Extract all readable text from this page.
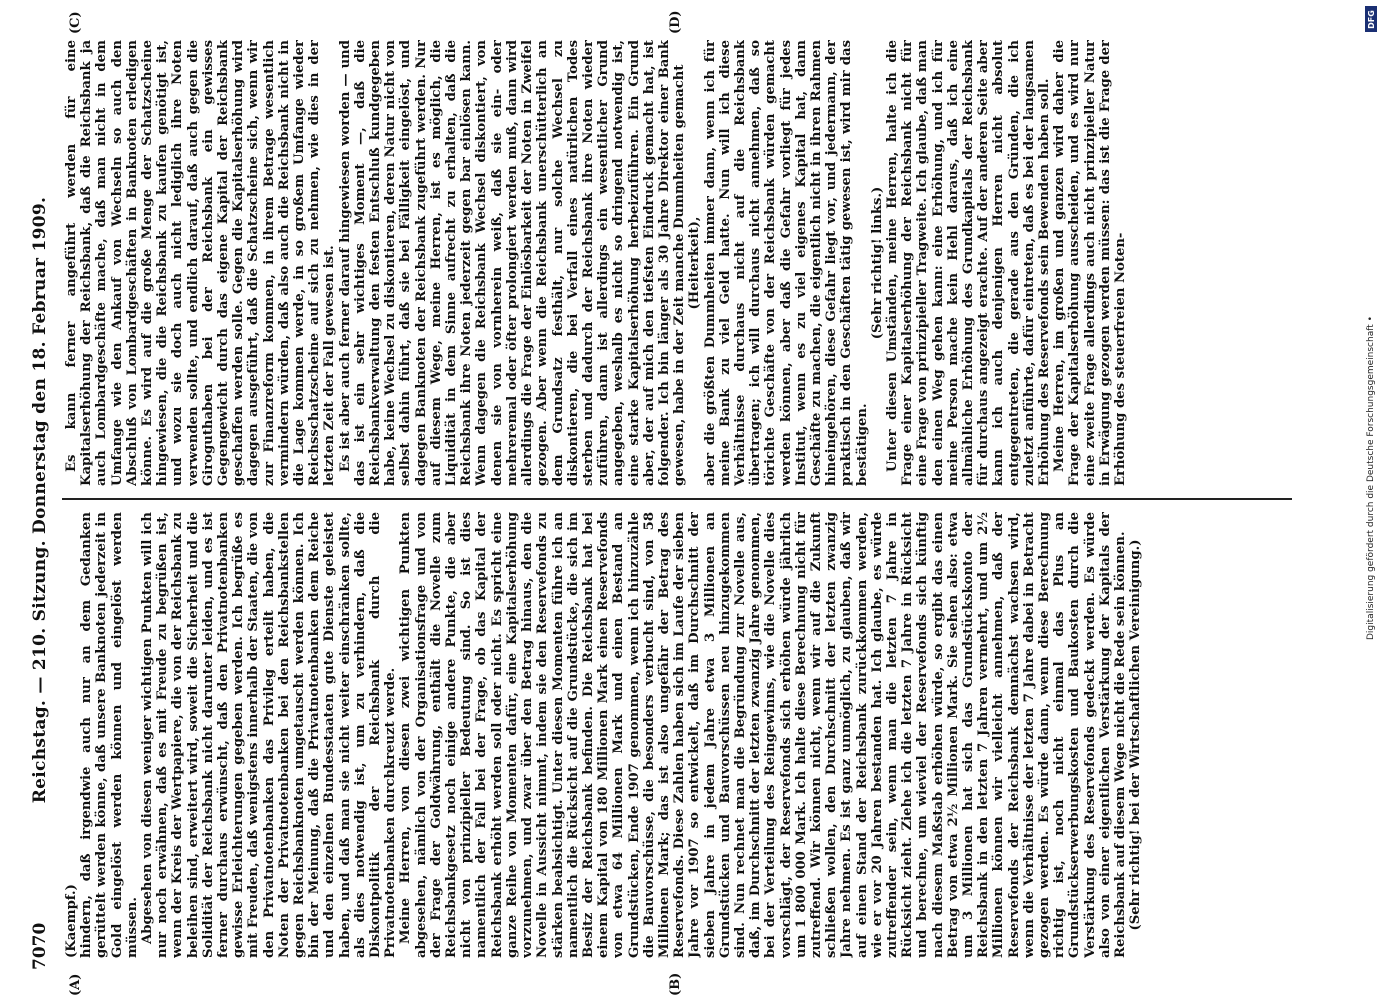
7070
Reichstag. — 210. Sitzung. Donnerstag den 18. Februar 1909.
(A)	(B)
(C)	(D)

(Kaempf.) hindern, daß irgendwie auch nur an dem Gedanken gerüttelt werden könne, daß unsere Banknoten jederzeit in Gold eingelöst werden können und eingelöst werden müssen. Abgesehen von diesen weniger wichtigen Punkten will ich nur noch erwähnen, daß es mit Freude zu begrüßen ist, wenn der Kreis der Wertpapiere, die von der Reichsbank zu beleihen sind, erweitert wird, soweit die Sicherheit und die Solidität der Reichsbank nicht darunter leiden, und es ist ferner durchaus erwünscht, daß den Privatnotenbanken gewisse Erleichterungen gegeben werden. Ich begrüße es mit Freuden, daß wenigstens innerhalb der Staaten, die von den Privatnotenbanken das Privileg erteilt haben, die Noten der Privatnotenbanken bei den Reichsbankstellen gegen Reichsbanknoten umgetauscht werden können. Ich bin der Meinung, daß die Privatnotenbanken dem Reiche und den einzelnen Bundesstaaten gute Dienste geleistet haben, und daß man sie nicht weiter einschränken sollte, als dies notwendig ist, um zu verhindern, daß die Diskontpolitik der Reichsbank durch die Privatnotenbanken durchkreuzt werde. Meine Herren, von diesen zwei wichtigen Punkten abgesehen, nämlich von der Organisationsfrage und von der Frage der Goldwährung, enthält die Novelle zum Reichsbankgesetz noch einige andere Punkte, die aber nicht von prinzipieller Bedeutung sind. So ist dies namentlich der Fall bei der Frage, ob das Kapital der Reichsbank erhöht werden soll oder nicht. Es spricht eine ganze Reihe von Momenten dafür, eine Kapitalserhöhung vorzunehmen, und zwar über den Betrag hinaus, den die Novelle in Aussicht nimmt, indem sie den Reservefonds zu stärken beabsichtigt. Unter diesen Momenten führe ich an namentlich die Rücksicht auf die Grundstücke, die sich im Besitz der Reichsbank befinden. Die Reichsbank hat bei einem Kapital von 180 Millionen Mark einen Reservefonds von etwa 64 Millionen Mark und einen Bestand an Grundstücken, Ende 1907 genommen, wenn ich hinzuzähle die Bauvorschüsse, die besonders verbucht sind, von 58 Millionen Mark; das ist also ungefähr der Betrag des Reservefonds. Diese Zahlen haben sich im Laufe der sieben Jahre vor 1907 so entwickelt, daß im Durchschnitt der sieben Jahre in jedem Jahre etwa 3 Millionen an Grundstücken und Bauvorschüssen neu hinzugekommen sind. Nun rechnet man die Begründung zur Novelle aus, daß, im Durchschnitt der letzten zwanzig Jahre genommen, bei der Verteilung des Reingewinns, wie die Novelle dies vorschlägt, der Reservefonds sich erhöhen würde jährlich um 1 800 000 Mark. Ich halte diese Berechnung nicht für zutreffend. Wir können nicht, wenn wir auf die Zukunft schließen wollen, den Durchschnitt der letzten zwanzig Jahre nehmen. Es ist ganz unmöglich, zu glauben, daß wir auf einen Stand der Reichsbank zurückkommen werden, wie er vor 20 Jahren bestanden hat. Ich glaube, es würde zutreffender sein, wenn man die letzten 7 Jahre in Rücksicht zieht. Ziehe ich die letzten 7 Jahre in Rücksicht und berechne, um wieviel der Reservefonds sich künftig nach diesem Maßstab erhöhen würde, so ergibt das einen Betrag von etwa 2½ Millionen Mark. Sie sehen also: etwa um 3 Millionen hat sich das Grundstückskonto der Reichsbank in den letzten 7 Jahren vermehrt, und um 2½ Millionen können wir vielleicht annehmen, daß der Reservefonds der Reichsbank demnächst wachsen wird, wenn die Verhältnisse der letzten 7 Jahre dabei in Betracht gezogen werden. Es würde dann, wenn diese Berechnung richtig ist, noch nicht einmal das Plus an Grundstückserwerbungskosten und Baukosten durch die Verstärkung des Reservefonds gedeckt werden. Es würde also von einer eigentlichen Verstärkung der Kapitals der Reichsbank auf diesem Wege nicht die Rede sein können. (Sehr richtig! bei der Wirtschaftlichen Vereinigung.)

Es kann ferner angeführt werden für eine Kapitalserhöhung der Reichsbank, daß die Reichsbank ja auch Lombardgeschäfte mache, daß man nicht in dem Umfange wie den Ankauf von Wechseln so auch den Abschluß von Lombardgeschäften in Banknoten erledigen könne. Es wird auf die große Menge der Schatzscheine hingewiesen, die die Reichsbank zu kaufen genötigt ist, und wozu sie doch auch nicht lediglich ihre Noten verwenden sollte, und endlich darauf, daß auch gegen die Giroguthaben bei der Reichsbank ein gewisses Gegengewicht durch das eigene Kapital der Reichsbank geschaffen werden solle. Gegen die Kapitalserhöhung wird dagegen ausgeführt, daß die Schatzscheine sich, wenn wir zur Finanzreform kommen, in ihrem Betrage wesentlich vermindern würden, daß also auch die Reichsbank nicht in die Lage kommen werde, in so großem Umfange wieder Reichsschatzscheine auf sich zu nehmen, wie dies in der letzten Zeit der Fall gewesen ist. Es ist aber auch ferner darauf hingewiesen worden — und das ist ein sehr wichtiges Moment —, daß die Reichsbankverwaltung den festen Entschluß kundgegeben habe, keine Wechsel zu diskontieren, deren Natur nicht von selbst dahin führt, daß sie bei Fälligkeit eingelöst, und dagegen Banknoten der Reichsbank zugeführt werden. Nur auf diesem Wege, meine Herren, ist es möglich, die Liquidität in dem Sinne aufrecht zu erhalten, daß die Reichsbank ihre Noten jederzeit gegen bar einlösen kann. Wenn dagegen die Reichsbank Wechsel diskontiert, von denen sie von vornherein weiß, daß sie ein- oder mehreremal oder öfter prolongiert werden muß, dann wird allerdings die Frage der Einlösbarkeit der Noten in Zweifel gezogen. Aber wenn die Reichsbank unerschütterlich an dem Grundsatz festhält, nur solche Wechsel zu diskontieren, die bei Verfall eines natürlichen Todes sterben und dadurch der Reichsbank ihre Noten wieder zuführen, dann ist allerdings ein wesentlicher Grund angegeben, weshalb es nicht so dringend notwendig ist, eine starke Kapitalserhöhung herbeizuführen. Ein Grund aber, der auf mich den tiefsten Eindruck gemacht hat, ist folgender. Ich bin länger als 30 Jahre Direktor einer Bank gewesen, habe in der Zeit manche Dummheiten gemacht (Heiterkeit), aber die größten Dummheiten immer dann, wenn ich für meine Bank zu viel Geld hatte. Nun will ich diese Verhältnisse durchaus nicht auf die Reichsbank übertragen; ich will durchaus nicht annehmen, daß so törichte Geschäfte von der Reichsbank würden gemacht werden können, aber daß die Gefahr vorliegt für jedes Institut, wenn es zu viel eigenes Kapital hat, dann Geschäfte zu machen, die eigentlich nicht in ihren Rahmen hineingehören, diese Gefahr liegt vor, und jedermann, der praktisch in den Geschäften tätig gewesen ist, wird mir das bestätigen.

(Sehr richtig! links.) Unter diesen Umständen, meine Herren, halte ich die Frage einer Kapitalserhöhung der Reichsbank nicht für eine Frage von prinzipieller Tragweite. Ich glaube, daß man den einen Weg gehen kann: eine Erhöhung, und ich für meine Person mache kein Hehl daraus, daß ich eine allmähliche Erhöhung des Grundkapitals der Reichsbank für durchaus angezeigt erachte. Auf der anderen Seite aber kann ich auch denjenigen Herren nicht absolut entgegentreten, die gerade aus den Gründen, die ich zuletzt anführte, dafür eintreten, daß es bei der langsamen Erhöhung des Reservefonds sein Bewenden haben soll. Meine Herren, im großen und ganzen wird daher die Frage der Kapitalserhöhung ausscheiden, und es wird nur eine zweite Frage allerdings auch nicht prinzipieller Natur in Erwägung gezogen werden müssen: das ist die Frage der Erhöhung des steuerfreien Noten-

DFG
Digitalisierung gefördert durch die Deutsche Forschungsgemeinschaft •
